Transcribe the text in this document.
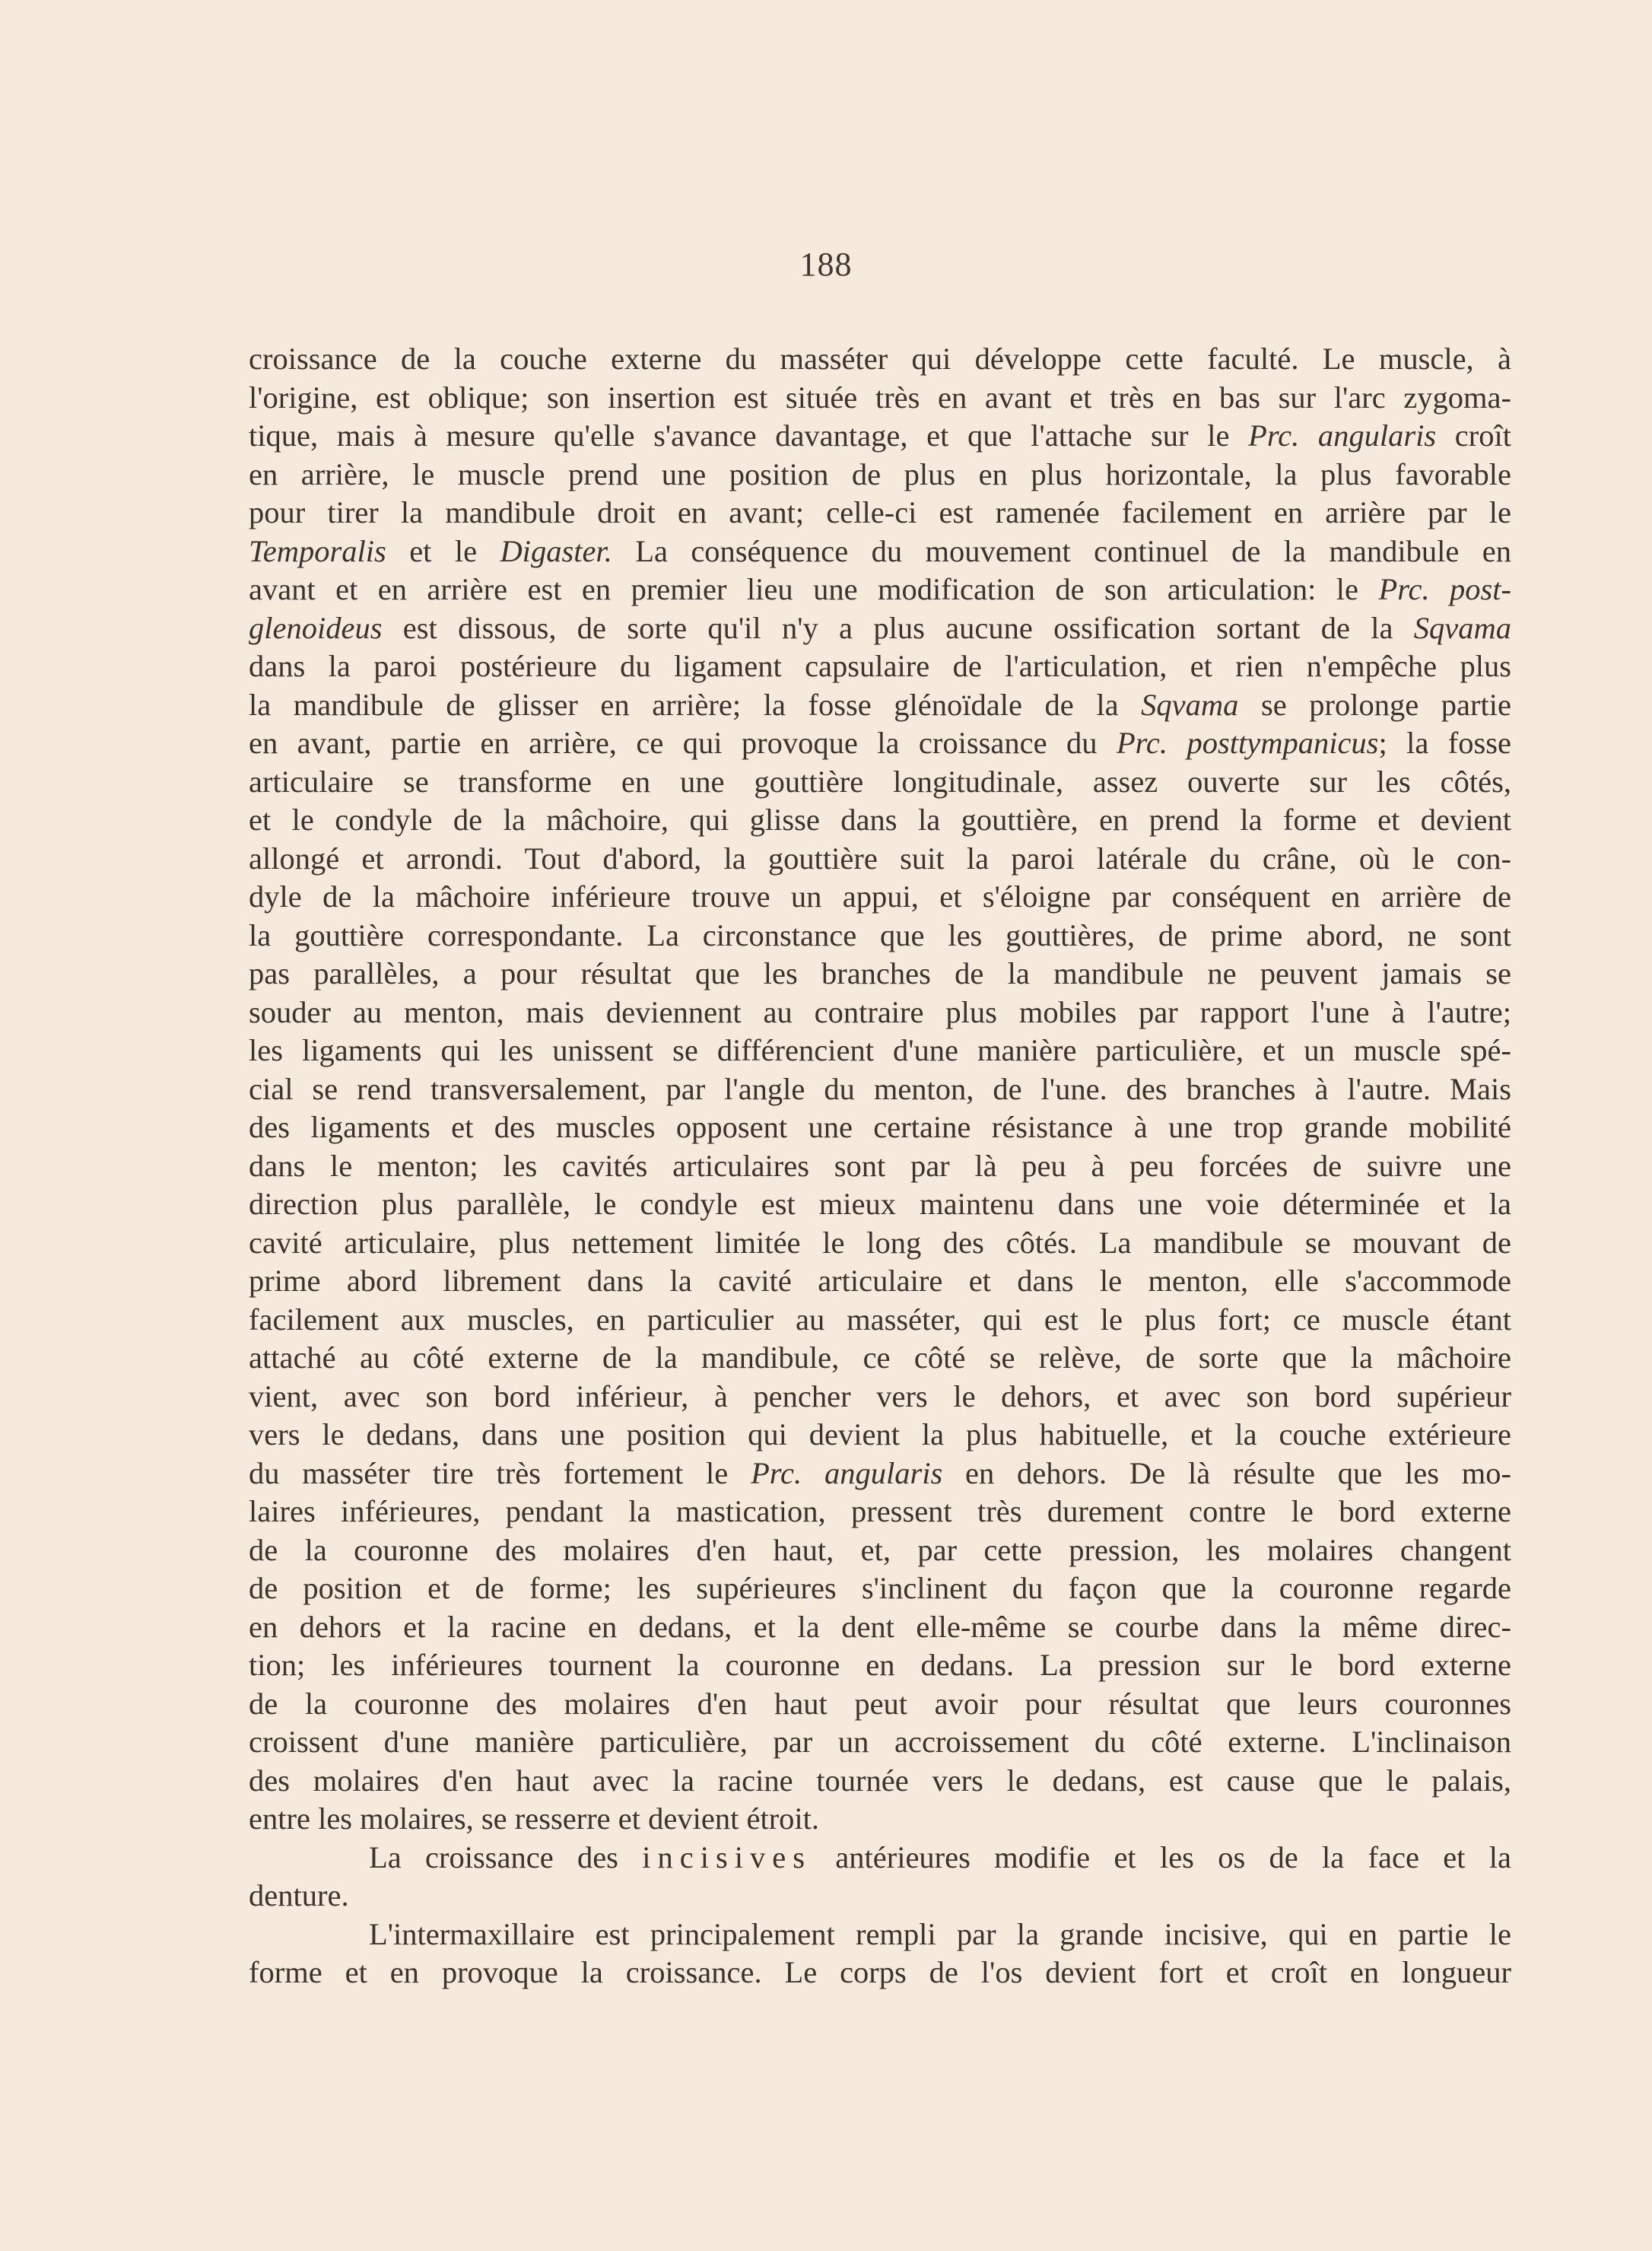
188
croissance de la couche externe du masséter qui développe cette faculté. Le muscle, à
l'origine, est oblique; son insertion est située très en avant et très en bas sur l'arc zygoma-
tique, mais à mesure qu'elle s'avance davantage, et que l'attache sur le Prc. angularis croît
en arrière, le muscle prend une position de plus en plus horizontale, la plus favorable
pour tirer la mandibule droit en avant; celle-ci est ramenée facilement en arrière par le
Temporalis et le Digaster. La conséquence du mouvement continuel de la mandibule en
avant et en arrière est en premier lieu une modification de son articulation: le Prc. post-
glenoideus est dissous, de sorte qu'il n'y a plus aucune ossification sortant de la Sqvama
dans la paroi postérieure du ligament capsulaire de l'articulation, et rien n'empêche plus
la mandibule de glisser en arrière; la fosse glénoïdale de la Sqvama se prolonge partie
en avant, partie en arrière, ce qui provoque la croissance du Prc. posttympanicus; la fosse
articulaire se transforme en une gouttière longitudinale, assez ouverte sur les côtés,
et le condyle de la mâchoire, qui glisse dans la gouttière, en prend la forme et devient
allongé et arrondi. Tout d'abord, la gouttière suit la paroi latérale du crâne, où le con-
dyle de la mâchoire inférieure trouve un appui, et s'éloigne par conséquent en arrière de
la gouttière correspondante. La circonstance que les gouttières, de prime abord, ne sont
pas parallèles, a pour résultat que les branches de la mandibule ne peuvent jamais se
souder au menton, mais deviennent au contraire plus mobiles par rapport l'une à l'autre;
les ligaments qui les unissent se différencient d'une manière particulière, et un muscle spé-
cial se rend transversalement, par l'angle du menton, de l'une. des branches à l'autre. Mais
des ligaments et des muscles opposent une certaine résistance à une trop grande mobilité
dans le menton; les cavités articulaires sont par là peu à peu forcées de suivre une
direction plus parallèle, le condyle est mieux maintenu dans une voie déterminée et la
cavité articulaire, plus nettement limitée le long des côtés. La mandibule se mouvant de
prime abord librement dans la cavité articulaire et dans le menton, elle s'accommode
facilement aux muscles, en particulier au masséter, qui est le plus fort; ce muscle étant
attaché au côté externe de la mandibule, ce côté se relève, de sorte que la mâchoire
vient, avec son bord inférieur, à pencher vers le dehors, et avec son bord supérieur
vers le dedans, dans une position qui devient la plus habituelle, et la couche extérieure
du masséter tire très fortement le Prc. angularis en dehors. De là résulte que les mo-
laires inférieures, pendant la mastication, pressent très durement contre le bord externe
de la couronne des molaires d'en haut, et, par cette pression, les molaires changent
de position et de forme; les supérieures s'inclinent du façon que la couronne regarde
en dehors et la racine en dedans, et la dent elle-même se courbe dans la même direc-
tion; les inférieures tournent la couronne en dedans. La pression sur le bord externe
de la couronne des molaires d'en haut peut avoir pour résultat que leurs couronnes
croissent d'une manière particulière, par un accroissement du côté externe. L'inclinaison
des molaires d'en haut avec la racine tournée vers le dedans, est cause que le palais,
entre les molaires, se resserre et devient étroit.
La croissance des incisives antérieures modifie et les os de la face et la
denture.
L'intermaxillaire est principalement rempli par la grande incisive, qui en partie le
forme et en provoque la croissance. Le corps de l'os devient fort et croît en longueur
